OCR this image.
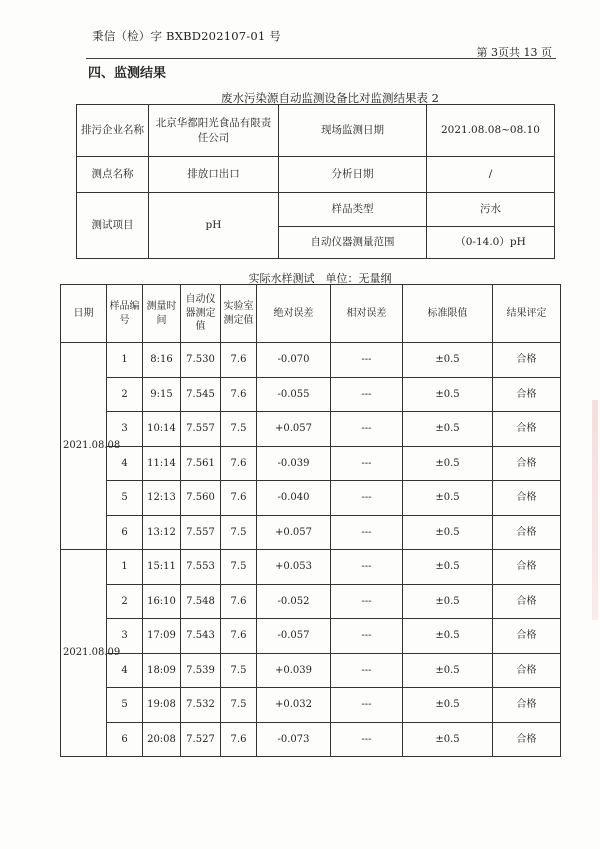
秉信（检）字 BXBD202107-01 号
第 3页共 13 页
四、监测结果
废水污染源自动监测设备比对监测结果表 2
排污企业名称	北京华都阳光食品有限责任公司	现场监测日期	2021.08.08~08.10
测点名称	排放口出口	分析日期	/
测试项目	pH	样品类型	污水
		自动仪器测量范围	（0-14.0）pH
实际水样测试　单位：无量纲
日期	样品编号	测量时间	自动仪器测定值	实验室测定值	绝对误差	相对误差	标准限值	结果评定
2021.08.08	1	8:16	7.530	7.6	-0.070	---	±0.5	合格
	2	9:15	7.545	7.6	-0.055	---	±0.5	合格
	3	10:14	7.557	7.5	+0.057	---	±0.5	合格
	4	11:14	7.561	7.6	-0.039	---	±0.5	合格
	5	12:13	7.560	7.6	-0.040	---	±0.5	合格
	6	13:12	7.557	7.5	+0.057	---	±0.5	合格
2021.08.09	1	15:11	7.553	7.5	+0.053	---	±0.5	合格
	2	16:10	7.548	7.6	-0.052	---	±0.5	合格
	3	17:09	7.543	7.6	-0.057	---	±0.5	合格
	4	18:09	7.539	7.5	+0.039	---	±0.5	合格
	5	19:08	7.532	7.5	+0.032	---	±0.5	合格
	6	20:08	7.527	7.6	-0.073	---	±0.5	合格
